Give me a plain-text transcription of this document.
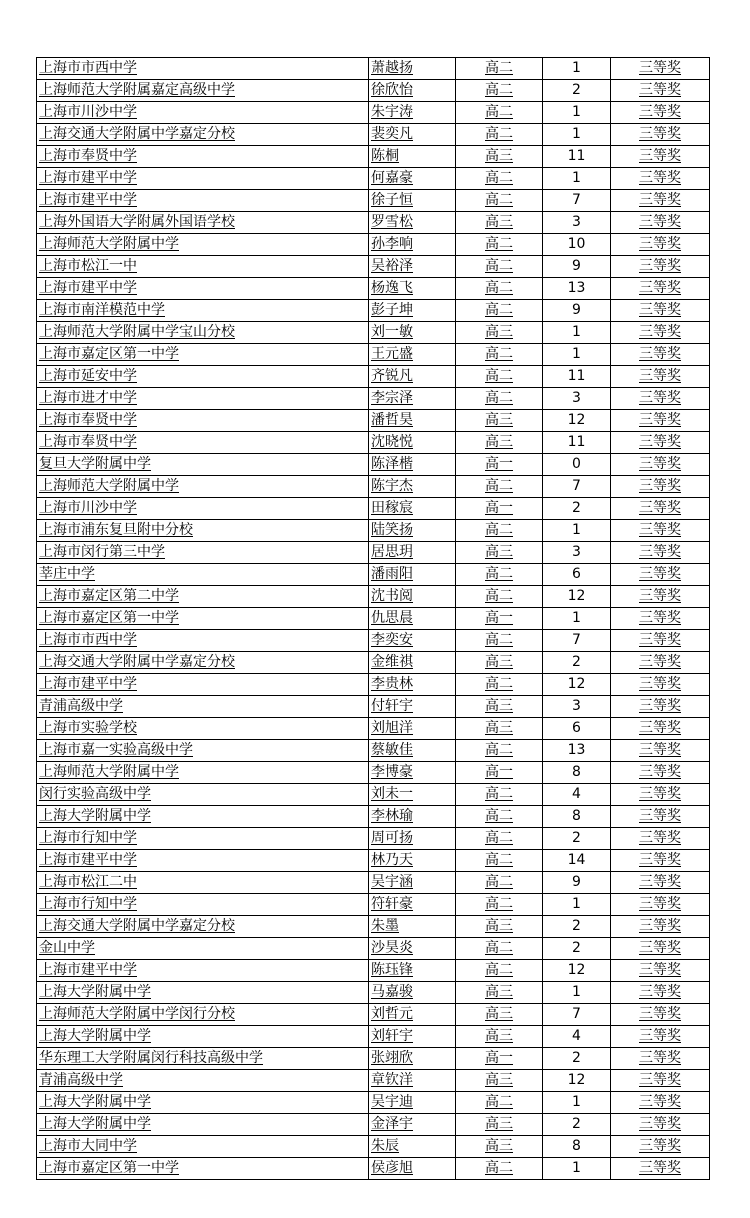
上海市市西中学	萧越扬	高二	1	三等奖
上海师范大学附属嘉定高级中学	徐欣怡	高二	2	三等奖
上海市川沙中学	朱宇涛	高二	1	三等奖
上海交通大学附属中学嘉定分校	裴奕凡	高二	1	三等奖
上海市奉贤中学	陈桐	高三	11	三等奖
上海市建平中学	何嘉豪	高二	1	三等奖
上海市建平中学	徐子恒	高二	7	三等奖
上海外国语大学附属外国语学校	罗雪松	高三	3	三等奖
上海师范大学附属中学	孙李响	高二	10	三等奖
上海市松江一中	吴裕泽	高二	9	三等奖
上海市建平中学	杨逸飞	高二	13	三等奖
上海市南洋模范中学	彭子坤	高二	9	三等奖
上海师范大学附属中学宝山分校	刘一敏	高三	1	三等奖
上海市嘉定区第一中学	王元盛	高二	1	三等奖
上海市延安中学	齐锐凡	高二	11	三等奖
上海市进才中学	李宗泽	高二	3	三等奖
上海市奉贤中学	潘哲昊	高三	12	三等奖
上海市奉贤中学	沈晓悦	高三	11	三等奖
复旦大学附属中学	陈泽楷	高一	0	三等奖
上海师范大学附属中学	陈宇杰	高二	7	三等奖
上海市川沙中学	田稼宸	高一	2	三等奖
上海市浦东复旦附中分校	陆笑扬	高二	1	三等奖
上海市闵行第三中学	居思玥	高三	3	三等奖
莘庄中学	潘雨阳	高二	6	三等奖
上海市嘉定区第二中学	沈书阅	高二	12	三等奖
上海市嘉定区第一中学	仇思晨	高一	1	三等奖
上海市市西中学	李奕安	高二	7	三等奖
上海交通大学附属中学嘉定分校	金维祺	高三	2	三等奖
上海市建平中学	李贵林	高二	12	三等奖
青浦高级中学	付轩宇	高三	3	三等奖
上海市实验学校	刘旭洋	高三	6	三等奖
上海市嘉一实验高级中学	蔡敏佳	高二	13	三等奖
上海师范大学附属中学	李博豪	高一	8	三等奖
闵行实验高级中学	刘未一	高二	4	三等奖
上海大学附属中学	李林瑜	高二	8	三等奖
上海市行知中学	周可扬	高二	2	三等奖
上海市建平中学	林乃天	高二	14	三等奖
上海市松江二中	吴宇涵	高二	9	三等奖
上海市行知中学	符轩豪	高二	1	三等奖
上海交通大学附属中学嘉定分校	朱墨	高三	2	三等奖
金山中学	沙昊炎	高二	2	三等奖
上海市建平中学	陈珏锋	高二	12	三等奖
上海大学附属中学	马嘉骏	高三	1	三等奖
上海师范大学附属中学闵行分校	刘哲元	高三	7	三等奖
上海大学附属中学	刘轩宇	高三	4	三等奖
华东理工大学附属闵行科技高级中学	张翊欣	高一	2	三等奖
青浦高级中学	章钦洋	高三	12	三等奖
上海大学附属中学	吴宇迪	高二	1	三等奖
上海大学附属中学	金泽宇	高三	2	三等奖
上海市大同中学	朱辰	高三	8	三等奖
上海市嘉定区第一中学	侯彦旭	高二	1	三等奖
